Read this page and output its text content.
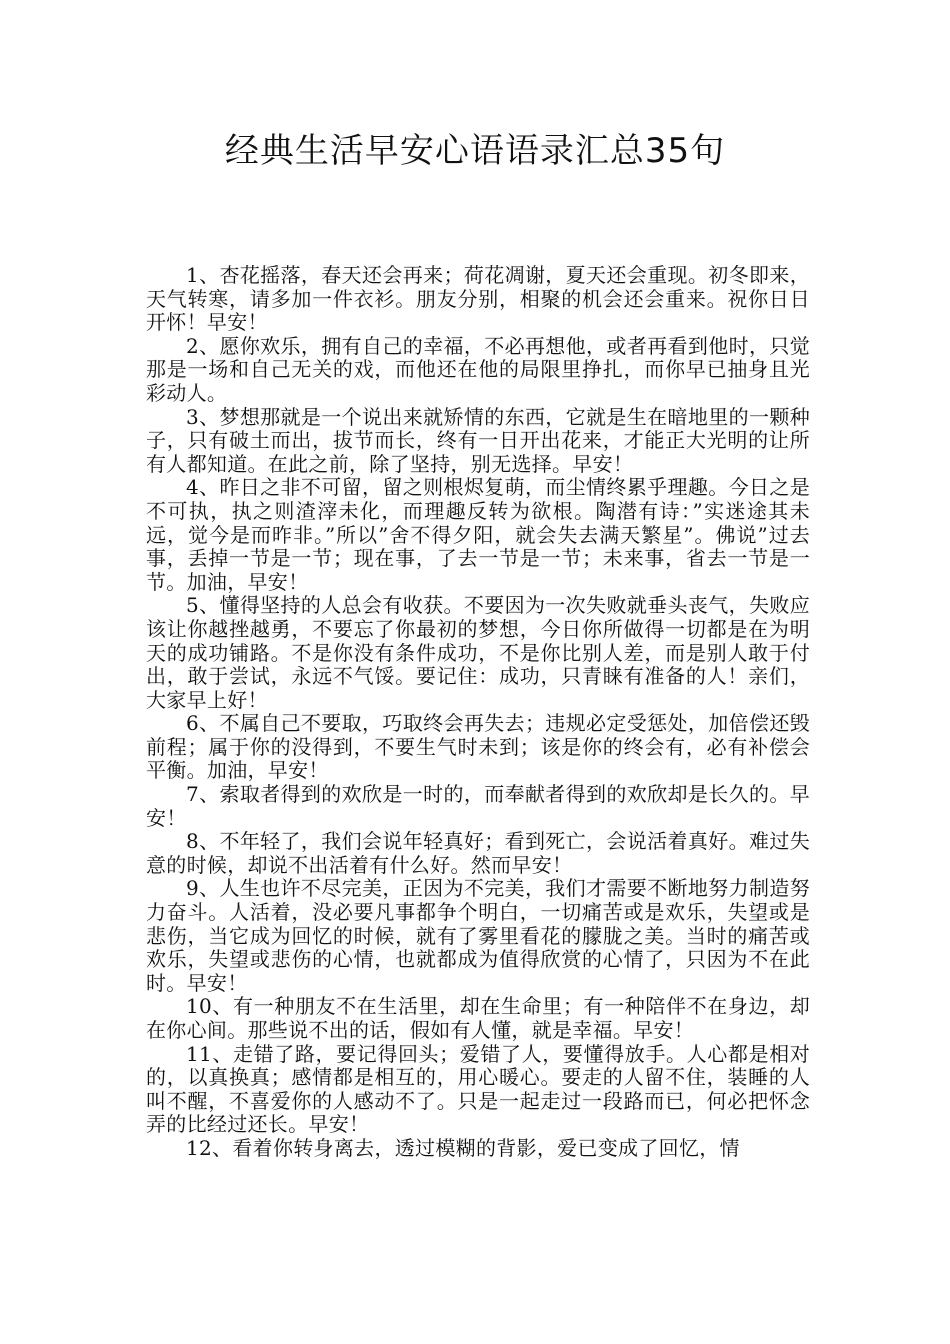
经典生活早安心语语录汇总35句

1、杏花摇落，春天还会再来；荷花凋谢，夏天还会重现。初冬即来，天气转寒，请多加一件衣衫。朋友分别，相聚的机会还会重来。祝你日日开怀！早安！

2、愿你欢乐，拥有自己的幸福，不必再想他，或者再看到他时，只觉那是一场和自己无关的戏，而他还在他的局限里挣扎，而你早已抽身且光彩动人。

3、梦想那就是一个说出来就矫情的东西，它就是生在暗地里的一颗种子，只有破土而出，拔节而长，终有一日开出花来，才能正大光明的让所有人都知道。在此之前，除了坚持，别无选择。早安！

4、昨日之非不可留，留之则根烬复萌，而尘情终累乎理趣。今日之是不可执，执之则渣滓未化，而理趣反转为欲根。陶潜有诗：”实迷途其未远，觉今是而昨非。”所以”舍不得夕阳，就会失去满天繁星”。佛说”过去事，丢掉一节是一节；现在事，了去一节是一节；未来事，省去一节是一节。加油，早安！

5、懂得坚持的人总会有收获。不要因为一次失败就垂头丧气，失败应该让你越挫越勇，不要忘了你最初的梦想，今日你所做得一切都是在为明天的成功铺路。不是你没有条件成功，不是你比别人差，而是别人敢于付出，敢于尝试，永远不气馁。要记住：成功，只青睐有准备的人！亲们，大家早上好！

6、不属自己不要取，巧取终会再失去；违规必定受惩处，加倍偿还毁前程；属于你的没得到，不要生气时未到；该是你的终会有，必有补偿会平衡。加油，早安！

7、索取者得到的欢欣是一时的，而奉献者得到的欢欣却是长久的。早安！

8、不年轻了，我们会说年轻真好；看到死亡，会说活着真好。难过失意的时候，却说不出活着有什么好。然而早安！

9、人生也许不尽完美，正因为不完美，我们才需要不断地努力制造努力奋斗。人活着，没必要凡事都争个明白，一切痛苦或是欢乐，失望或是悲伤，当它成为回忆的时候，就有了雾里看花的朦胧之美。当时的痛苦或欢乐，失望或悲伤的心情，也就都成为值得欣赏的心情了，只因为不在此时。早安！

10、有一种朋友不在生活里，却在生命里；有一种陪伴不在身边，却在你心间。那些说不出的话，假如有人懂，就是幸福。早安！

11、走错了路，要记得回头；爱错了人，要懂得放手。人心都是相对的，以真换真；感情都是相互的，用心暖心。要走的人留不住，装睡的人叫不醒，不喜爱你的人感动不了。只是一起走过一段路而已，何必把怀念弄的比经过还长。早安！

12、看着你转身离去，透过模糊的背影，爱已变成了回忆，情
